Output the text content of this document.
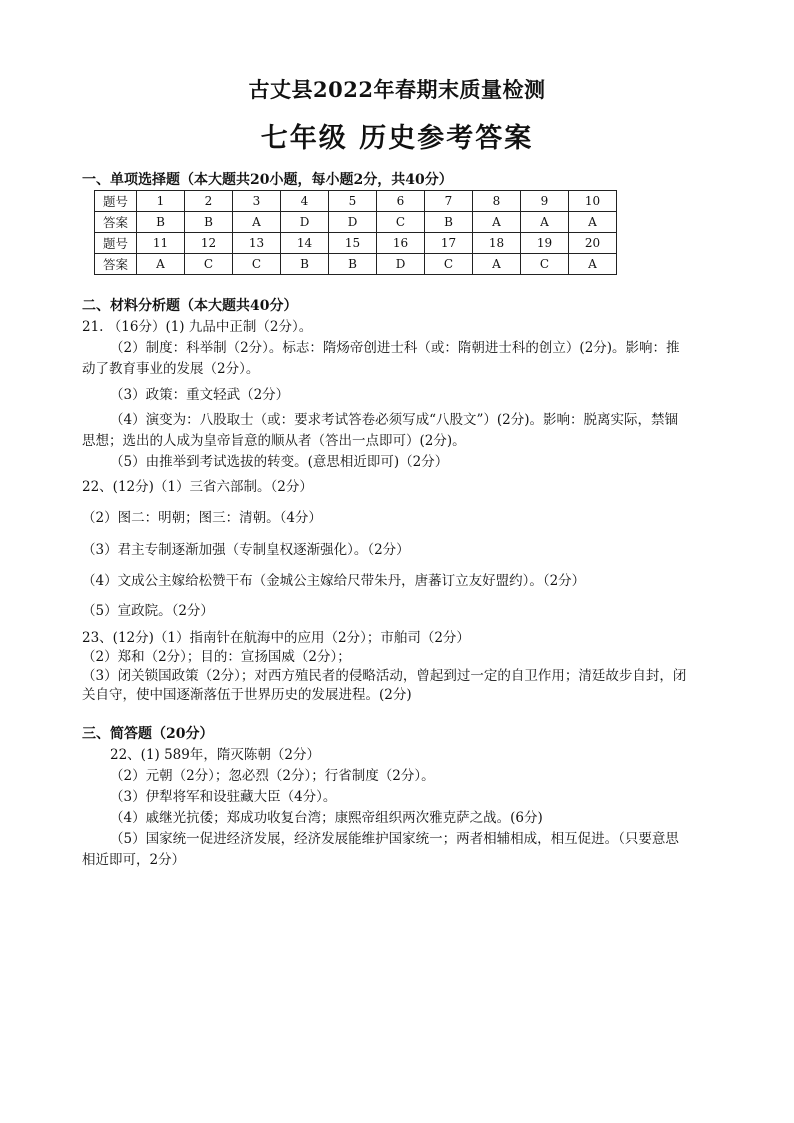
古丈县2022年春期末质量检测
七年级 历史参考答案
一、单项选择题（本大题共20小题，每小题2分，共40分）
题号	1	2	3	4	5	6	7	8	9	10
答案	B	B	A	D	D	C	B	A	A	A
题号	11	12	13	14	15	16	17	18	19	20
答案	A	C	C	B	B	D	C	A	C	A
二、材料分析题（本大题共40分）
21. （16分）(1) 九品中正制（2分）。
（2）制度：科举制（2分）。标志：隋炀帝创进士科（或：隋朝进士科的创立）(2分)。影响：推
动了教育事业的发展（2分）。
（3）政策：重文轻武（2分）
（4）演变为：八股取士（或：要求考试答卷必须写成“八股文”）(2分)。影响：脱离实际，禁锢
思想；选出的人成为皇帝旨意的顺从者（答出一点即可）(2分)。
（5）由推举到考试选拔的转变。(意思相近即可)（2分）
22、(12分)（1）三省六部制。（2分）
（2）图二：明朝；图三：清朝。（4分）
（3）君主专制逐渐加强（专制皇权逐渐强化）。（2分）
（4）文成公主嫁给松赞干布（金城公主嫁给尺带朱丹，唐蕃订立友好盟约）。（2分）
（5）宣政院。（2分）
23、(12分)（1）指南针在航海中的应用（2分）；市舶司（2分）
（2）郑和（2分）；目的：宣扬国威（2分）；
（3）闭关锁国政策（2分）；对西方殖民者的侵略活动，曾起到过一定的自卫作用；清廷故步自封，闭
关自守，使中国逐渐落伍于世界历史的发展进程。(2分)
三、简答题（20分）
22、(1) 589年，隋灭陈朝（2分）
（2）元朝（2分）；忽必烈（2分）；行省制度（2分）。
（3）伊犁将军和设驻藏大臣（4分）。
（4）戚继光抗倭；郑成功收复台湾；康熙帝组织两次雅克萨之战。(6分)
（5）国家统一促进经济发展，经济发展能维护国家统一；两者相辅相成，相互促进。（只要意思
相近即可，2分）
